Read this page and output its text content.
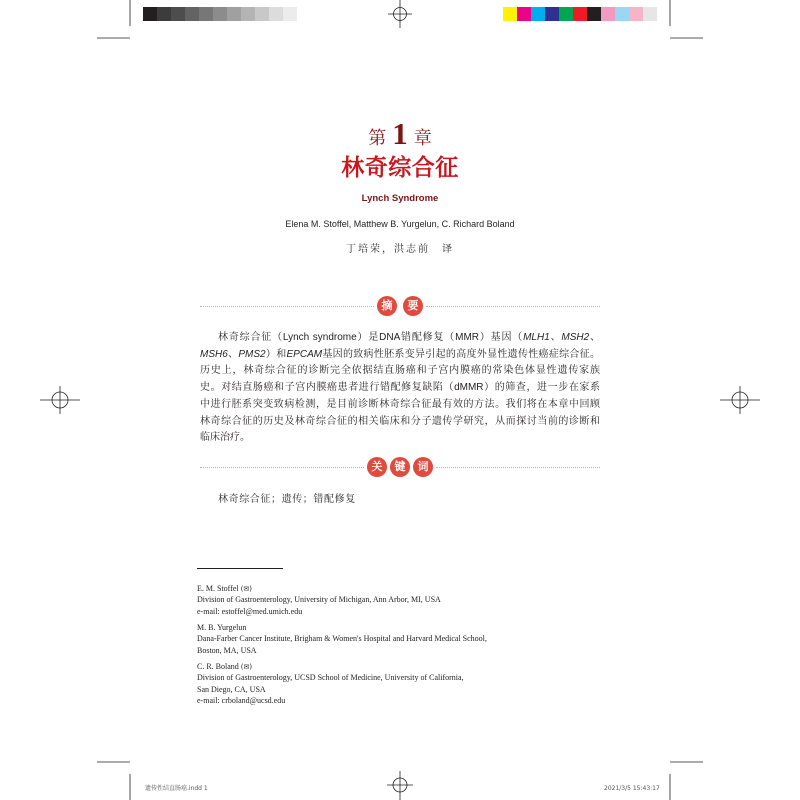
第 1 章
林奇综合征
Lynch Syndrome
Elena M. Stoffel, Matthew B. Yurgelun, C. Richard Boland
丁培荣，洪志前　译
摘	要
林奇综合征（Lynch syndrome）是DNA错配修复（MMR）基因（MLH1、MSH2、
MSH6、PMS2）和EPCAM基因的致病性胚系变异引起的高度外显性遗传性癌症综合征。
历史上，林奇综合征的诊断完全依据结直肠癌和子宫内膜癌的常染色体显性遗传家族
史。对结直肠癌和子宫内膜癌患者进行错配修复缺陷（dMMR）的筛查，进一步在家系
中进行胚系突变致病检测，是目前诊断林奇综合征最有效的方法。我们将在本章中回顾
林奇综合征的历史及林奇综合征的相关临床和分子遗传学研究，从而探讨当前的诊断和
临床治疗。
关	键	词
林奇综合征；遗传；错配修复
E. M. Stoffel (✉)
Division of Gastroenterology, University of Michigan, Ann Arbor, MI, USA
e-mail: estoffel@med.umich.edu
M. B. Yurgelun
Dana-Farber Cancer Institute, Brigham & Women's Hospital and Harvard Medical School,
Boston, MA, USA
C. R. Boland (✉)
Division of Gastroenterology, UCSD School of Medicine, University of California,
San Diego, CA, USA
e-mail: crboland@ucsd.edu
遗传性结直肠癌.indd 1	2021/3/5 15:43:17
